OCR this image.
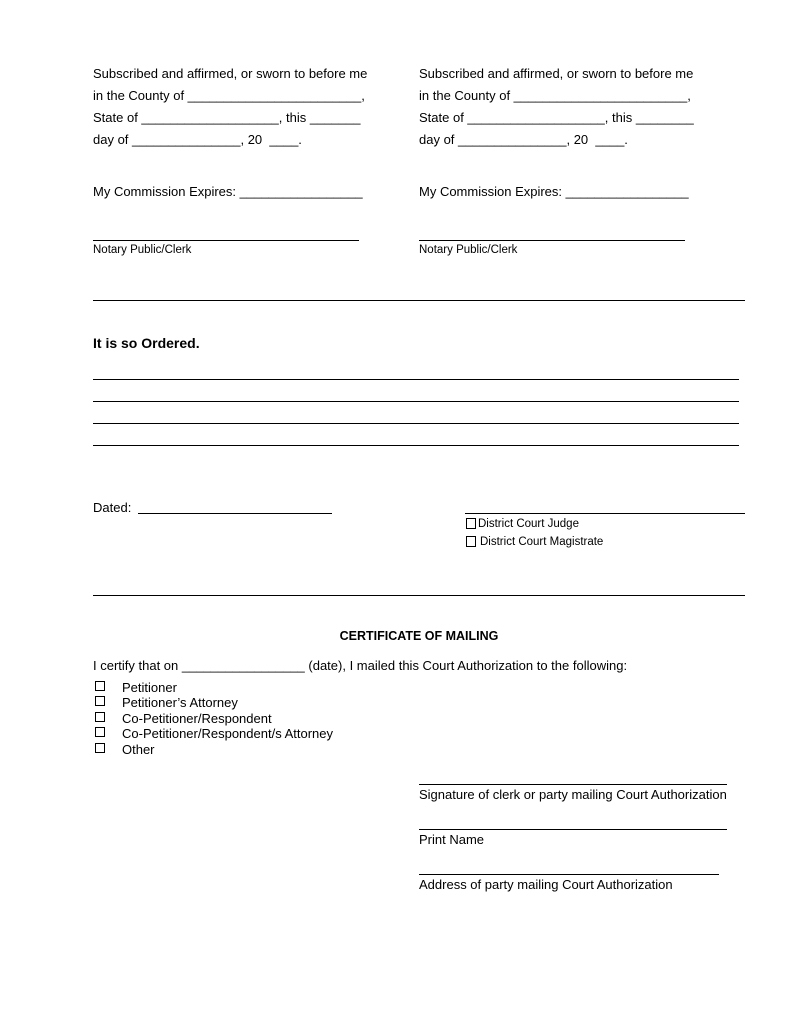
Subscribed and affirmed, or sworn to before me
in the County of ________________________,
State of ___________________, this _______
day of _______________, 20  ____.
My Commission Expires: _________________
Notary Public/Clerk
Subscribed and affirmed, or sworn to before me
in the County of ________________________,
State of ___________________, this ________
day of _______________, 20  ____.
My Commission Expires: _________________
Notary Public/Clerk
It is so Ordered.
Dated:
District Court Judge
District Court Magistrate
CERTIFICATE OF MAILING
I certify that on _________________ (date), I mailed this Court Authorization to the following:
Petitioner
Petitioner’s Attorney
Co-Petitioner/Respondent
Co-Petitioner/Respondent/s Attorney
Other
Signature of clerk or party mailing Court Authorization
Print Name
Address of party mailing Court Authorization
